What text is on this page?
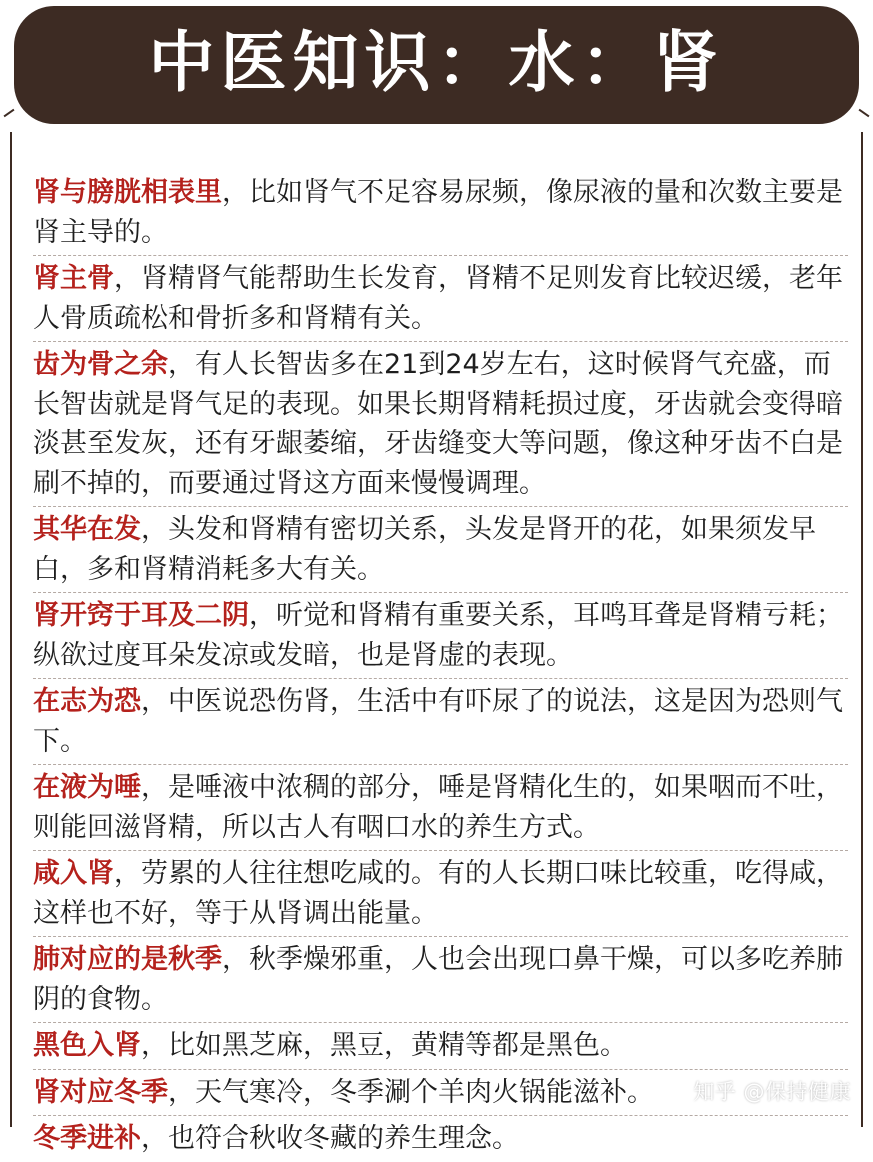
中医知识：水：肾
肾与膀胱相表里，比如肾气不足容易尿频，像尿液的量和次数主要是肾主导的。
肾主骨，肾精肾气能帮助生长发育，肾精不足则发育比较迟缓，老年人骨质疏松和骨折多和肾精有关。
齿为骨之余，有人长智齿多在21到24岁左右，这时候肾气充盛，而长智齿就是肾气足的表现。如果长期肾精耗损过度，牙齿就会变得暗淡甚至发灰，还有牙龈萎缩，牙齿缝变大等问题，像这种牙齿不白是刷不掉的，而要通过肾这方面来慢慢调理。
其华在发，头发和肾精有密切关系，头发是肾开的花，如果须发早白，多和肾精消耗多大有关。
肾开窍于耳及二阴，听觉和肾精有重要关系，耳鸣耳聋是肾精亏耗；纵欲过度耳朵发凉或发暗，也是肾虚的表现。
在志为恐，中医说恐伤肾，生活中有吓尿了的说法，这是因为恐则气下。
在液为唾，是唾液中浓稠的部分，唾是肾精化生的，如果咽而不吐，则能回滋肾精，所以古人有咽口水的养生方式。
咸入肾，劳累的人往往想吃咸的。有的人长期口味比较重，吃得咸，这样也不好，等于从肾调出能量。
肺对应的是秋季，秋季燥邪重，人也会出现口鼻干燥，可以多吃养肺阴的食物。
黑色入肾，比如黑芝麻，黑豆，黄精等都是黑色。
肾对应冬季，天气寒冷，冬季涮个羊肉火锅能滋补。
冬季进补，也符合秋收冬藏的养生理念。
知乎 @保持健康
